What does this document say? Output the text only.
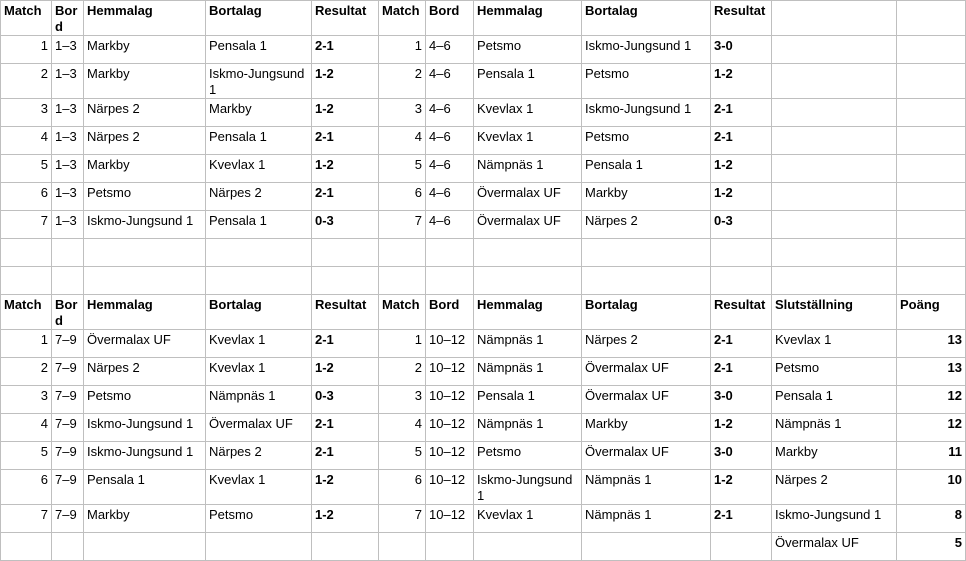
Match	Bord	Hemmalag	Bortalag	Resultat	Match	Bord	Hemmalag	Bortalag	Resultat		
1	1–3	Markby	Pensala 1	2-1	1	4–6	Petsmo	Iskmo-Jungsund 1	3-0		
2	1–3	Markby	Iskmo-Jungsund 1	1-2	2	4–6	Pensala 1	Petsmo	1-2		
3	1–3	Närpes 2	Markby	1-2	3	4–6	Kvevlax 1	Iskmo-Jungsund 1	2-1		
4	1–3	Närpes 2	Pensala 1	2-1	4	4–6	Kvevlax 1	Petsmo	2-1		
5	1–3	Markby	Kvevlax 1	1-2	5	4–6	Nämpnäs 1	Pensala 1	1-2		
6	1–3	Petsmo	Närpes 2	2-1	6	4–6	Övermalax UF	Markby	1-2		
7	1–3	Iskmo-Jungsund 1	Pensala 1	0-3	7	4–6	Övermalax UF	Närpes 2	0-3		

Match	Bord	Hemmalag	Bortalag	Resultat	Match	Bord	Hemmalag	Bortalag	Resultat	Slutställning	Poäng
1	7–9	Övermalax UF	Kvevlax 1	2-1	1	10–12	Nämpnäs 1	Närpes 2	2-1	Kvevlax 1	13
2	7–9	Närpes 2	Kvevlax 1	1-2	2	10–12	Nämpnäs 1	Övermalax UF	2-1	Petsmo	13
3	7–9	Petsmo	Nämpnäs 1	0-3	3	10–12	Pensala 1	Övermalax UF	3-0	Pensala 1	12
4	7–9	Iskmo-Jungsund 1	Övermalax UF	2-1	4	10–12	Nämpnäs 1	Markby	1-2	Nämpnäs 1	12
5	7–9	Iskmo-Jungsund 1	Närpes 2	2-1	5	10–12	Petsmo	Övermalax UF	3-0	Markby	11
6	7–9	Pensala 1	Kvevlax 1	1-2	6	10–12	Iskmo-Jungsund 1	Nämpnäs 1	1-2	Närpes 2	10
7	7–9	Markby	Petsmo	1-2	7	10–12	Kvevlax 1	Nämpnäs 1	2-1	Iskmo-Jungsund 1	8
										Övermalax UF	5
